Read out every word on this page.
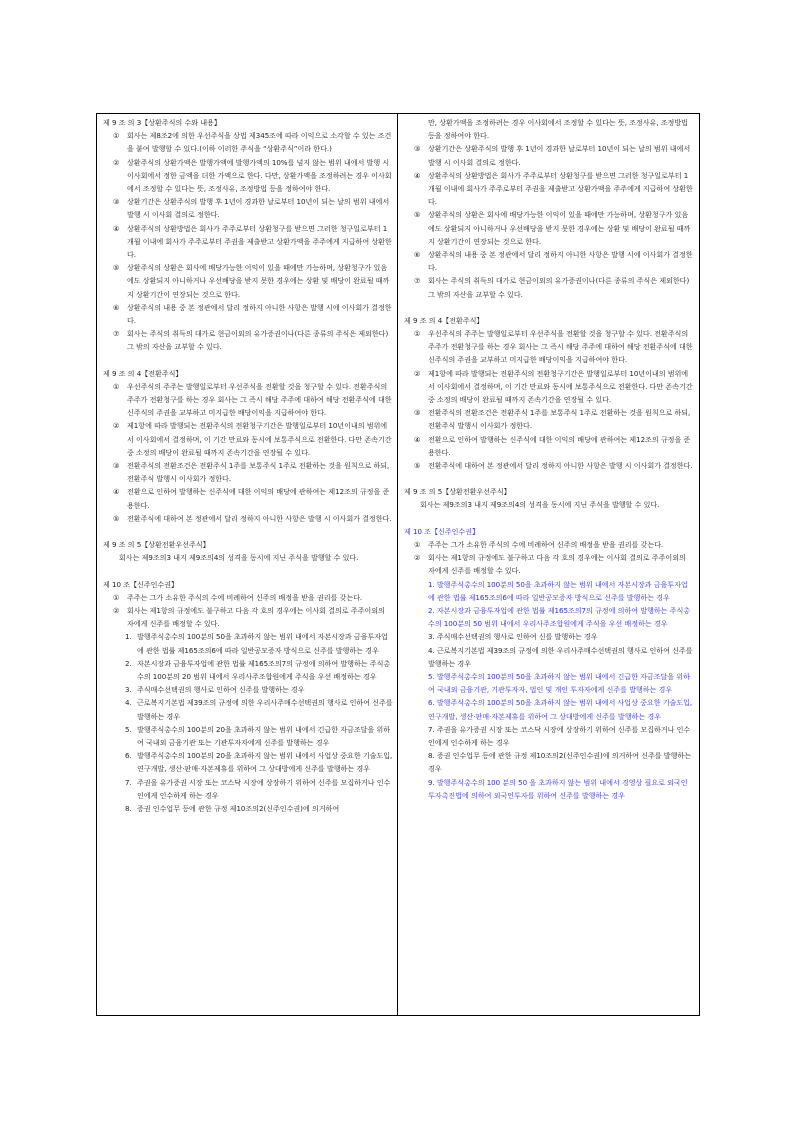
제 9 조 의 3【상환주식의 수와 내용】
① 회사는 제8조2에 의한 우선주식을 상법 제345조에 따라 이익으로 소각할 수 있는 조건을 붙여 발행할 수 있다.(이하 이러한 주식을 “상환주식”이라 한다.)
② 상환주식의 상환가액은 발행가액에 발행가액의 10%를 넘지 않는 범위 내에서 발행 시 이사회에서 정한 금액을 더한 가액으로 한다. 다만, 상환가액을 조정하려는 경우 이사회에서 조정할 수 있다는 뜻, 조정사유, 조정방법 등을 정하여야 한다.
③ 상환기간은 상환주식의 발행 후 1년이 경과한 날로부터 10년이 되는 날의 범위 내에서 발행 시 이사회 결의로 정한다.
④ 상환주식의 상환방법은 회사가 주주로부터 상환청구를 받으면 그러한 청구일로부터 1개월 이내에 회사가 주주로부터 주권을 제출받고 상환가액을 주주에게 지급하여 상환한다.
⑤ 상환주식의 상환은 회사에 배당가능한 이익이 있을 때에만 가능하며, 상환청구가 있음에도 상환되지 아니하거나 우선배당을 받지 못한 경우에는 상환 및 배당이 완료될 때까지 상환기간이 연장되는 것으로 한다.
⑥ 상환주식의 내용 중 본 정관에서 달리 정하지 아니한 사항은 발행 시에 이사회가 결정한다.
⑦ 회사는 주식의 취득의 대가로 현금이외의 유가증권이나(다른 종류의 주식은 제외한다) 그 밖의 자산을 교부할 수 있다.
제 9 조 의 4【전환주식】
① 우선주식의 주주는 발행일로부터 우선주식을 전환할 것을 청구할 수 있다. 전환주식의 주주가 전환청구를 하는 경우 회사는 그 즉시 해당 주주에 대하여 해당 전환주식에 대한 신주식의 주권을 교부하고 미지급한 배당이익을 지급하여야 한다.
② 제1항에 따라 발행되는 전환주식의 전환청구기간은 발행일로부터 10년이내의 범위에서 이사회에서 결정하며, 이 기간 만료와 동시에 보통주식으로 전환한다. 다만 존속기간 중 소정의 배당이 완료될 때까지 존속기간을 연장될 수 있다.
③ 전환주식의 전환조건은 전환주식 1주를 보통주식 1주로 전환하는 것을 원칙으로 하되, 전환주식 발행시 이사회가 정한다.
④ 전환으로 인하여 발행하는 신주식에 대한 이익의 배당에 관하여는 제12조의 규정을 준용한다.
⑤ 전환주식에 대하여 본 정관에서 달리 정하지 아니한 사항은 발행 시 이사회가 결정한다.
제 9 조 의 5【상환전환우선주식】
회사는 제9조의3 내지 제9조의4의 성격을 동시에 지닌 주식을 발행할 수 있다.
제 10 조【신주인수권】
① 주주는 그가 소유한 주식의 수에 비례하여 신주의 배정을 받을 권리를 갖는다.
② 회사는 제1항의 규정에도 불구하고 다음 각 호의 경우에는 이사회 결의로 주주이외의 자에게 신주를 배정할 수 있다.
1. 발행주식총수의 100분의 50을 초과하지 않는 범위 내에서 자본시장과 금융투자업에 관한 법률 제165조의6에 따라 일반공모증자 방식으로 신주를 발행하는 경우
2. 자본시장과 금융투자업에 관한 법률 제165조의7의 규정에 의하여 발행하는 주식총수의 100분의 20 범위 내에서 우리사주조합원에게 주식을 우선 배정하는 경우
3. 주식매수선택권의 행사로 인하여 신주를 발행하는 경우
4. 근로복지기본법 제39조의 규정에 의한 우리사주매수선택권의 행사로 인하여 신주를 발행하는 경우
5. 발행주식총수의 100분의 20을 초과하지 않는 범위 내에서 긴급한 자금조달을 위하여 국내외 금융기관 또는 기관투자자에게 신주를 발행하는 경우
6. 발행주식총수의 100분의 20을 초과하지 않는 범위 내에서 사업상 중요한 기술도입, 연구개발, 생산·판매·자본제휴를 위하여 그 상대방에게 신주를 발행하는 경우
7. 주권을 유가증권 시장 또는 코스닥 시장에 상장하기 위하여 신주를 모집하거나 인수인에게 인수하게 하는 경우
8. 증권 인수업무 등에 관한 규정 제10조의2(신주인수권)에 의거하여
만, 상환가액을 조정하려는 경우 이사회에서 조정할 수 있다는 뜻, 조정사유, 조정방법 등을 정하여야 한다.
③ 상환기간은 상환주식의 발행 후 1년이 경과한 날로부터 10년이 되는 날의 범위 내에서 발행 시 이사회 결의로 정한다.
④ 상환주식의 상환방법은 회사가 주주로부터 상환청구를 받으면 그러한 청구일로부터 1개월 이내에 회사가 주주로부터 주권을 제출받고 상환가액을 주주에게 지급하여 상환한다.
⑤ 상환주식의 상환은 회사에 배당가능한 이익이 있을 때에만 가능하며, 상환청구가 있음에도 상환되지 아니하거나 우선배당을 받지 못한 경우에는 상환 및 배당이 완료될 때까지 상환기간이 연장되는 것으로 한다.
⑥ 상환주식의 내용 중 본 정관에서 달리 정하지 아니한 사항은 발행 시에 이사회가 결정한다.
⑦ 회사는 주식의 취득의 대가로 현금이외의 유가증권이나(다른 종류의 주식은 제외한다) 그 밖의 자산을 교부할 수 있다.
제 9 조 의 4【전환주식】
① 우선주식의 주주는 발행일로부터 우선주식을 전환할 것을 청구할 수 있다. 전환주식의 주주가 전환청구를 하는 경우 회사는 그 즉시 해당 주주에 대하여 해당 전환주식에 대한 신주식의 주권을 교부하고 미지급한 배당이익을 지급하여야 한다.
② 제1항에 따라 발행되는 전환주식의 전환청구기간은 발행일로부터 10년이내의 범위에서 이사회에서 결정하며, 이 기간 만료와 동시에 보통주식으로 전환한다. 다만 존속기간 중 소정의 배당이 완료될 때까지 존속기간을 연장될 수 있다.
③ 전환주식의 전환조건은 전환주식 1주를 보통주식 1주로 전환하는 것을 원칙으로 하되, 전환주식 발행시 이사회가 정한다.
④ 전환으로 인하여 발행하는 신주식에 대한 이익의 배당에 관하여는 제12조의 규정을 준용한다.
⑤ 전환주식에 대하여 본 정관에서 달리 정하지 아니한 사항은 발행 시 이사회가 결정한다.
제 9 조 의 5【상환전환우선주식】
회사는 제9조의3 내지 제9조의4의 성격을 동시에 지닌 주식을 발행할 수 있다.
제 10 조【신주인수권】
① 주주는 그가 소유한 주식의 수에 비례하여 신주의 배정을 받을 권리를 갖는다.
② 회사는 제1항의 규정에도 불구하고 다음 각 호의 경우에는 이사회 결의로 주주이외의 자에게 신주를 배정할 수 있다.
1. 발행주식총수의 100분의 50을 초과하지 않는 범위 내에서 자본시장과 금융투자업에 관한 법률 제165조의6에 따라 일반공모증자 방식으로 신주를 발행하는 경우
2. 자본시장과 금융투자업에 관한 법률 제165조의7의 규정에 의하여 발행하는 주식총수의 100분의 50 범위 내에서 우리사주조합원에게 주식을 우선 배정하는 경우
3. 주식매수선택권의 행사로 인하여 신를 발행하는 경우
4. 근로복지기본법 제39조의 규정에 의한 우리사주매수선택권의 행사로 인하여 신주를 발행하는 경우
5. 발행주식총수의 100분의 50을 초과하지 않는 범위 내에서 긴급한 자금조달을 위하여 국내외 금융기관, 기관투자자, 법인 및 개인 투자자에게 신주를 발행하는 경우
6. 발행주식총수의 100분의 50을 초과하지 않는 범위 내에서 사업상 중요한 기술도입, 연구개발, 생산·판매·자본제휴를 위하여 그 상대방에게 신주를 발행하는 경우
7. 주권을 유가증권 시장 또는 코스닥 시장에 상장하기 위하여 신주를 모집하거나 인수인에게 인수하게 하는 경우
8. 증권 인수업무 등에 관한 규정 제10조의2(신주인수권)에 의거하여 신주를 발행하는 경우
9. 발행주식총수의 100 분의 50 을 초과하지 않는 범위 내에서 경영상 필요로 외국인투자촉진법에 의하여 외국인투자를 위하여 신주를 발행하는 경우
